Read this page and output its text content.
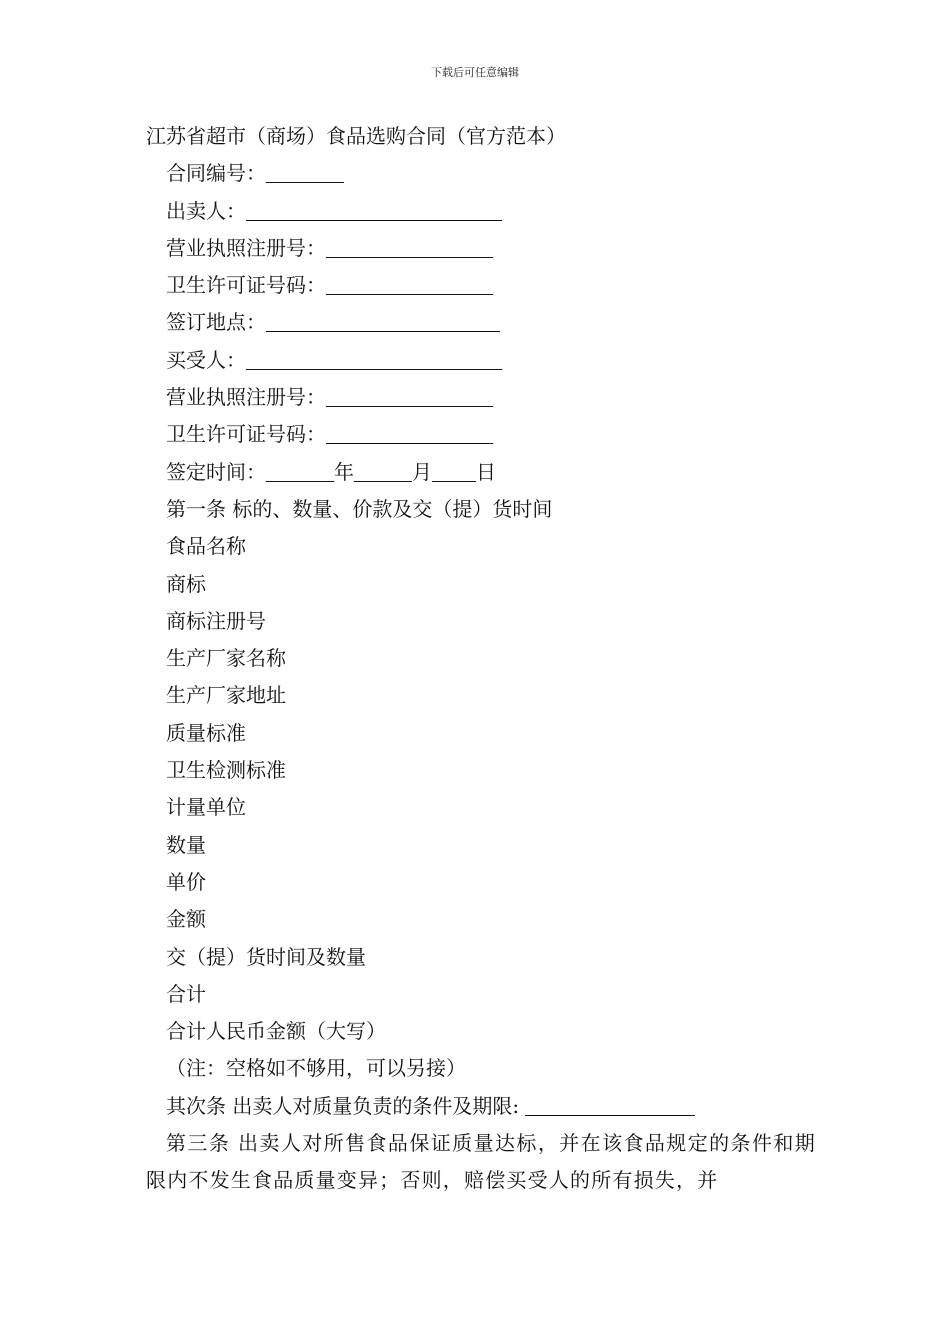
下载后可任意编辑
江苏省超市（商场）食品选购合同（官方范本）
合同编号：
出卖人：
营业执照注册号：
卫生许可证号码：
签订地点：
买受人：
营业执照注册号：
卫生许可证号码：
签定时间：	年	月 日
第一条 标的、数量、价款及交（提）货时间
食品名称
商标
商标注册号
生产厂家名称
生产厂家地址
质量标准
卫生检测标准
计量单位
数量
单价
金额
交（提）货时间及数量
合计
合计人民币金额（大写）
（注：空格如不够用，可以另接）
其次条 出卖人对质量负责的条件及期限:
第三条 出卖人对所售食品保证质量达标，并在该食品规定的条件和期限内不发生食品质量变异；否则，赔偿买受人的所有损失，并
